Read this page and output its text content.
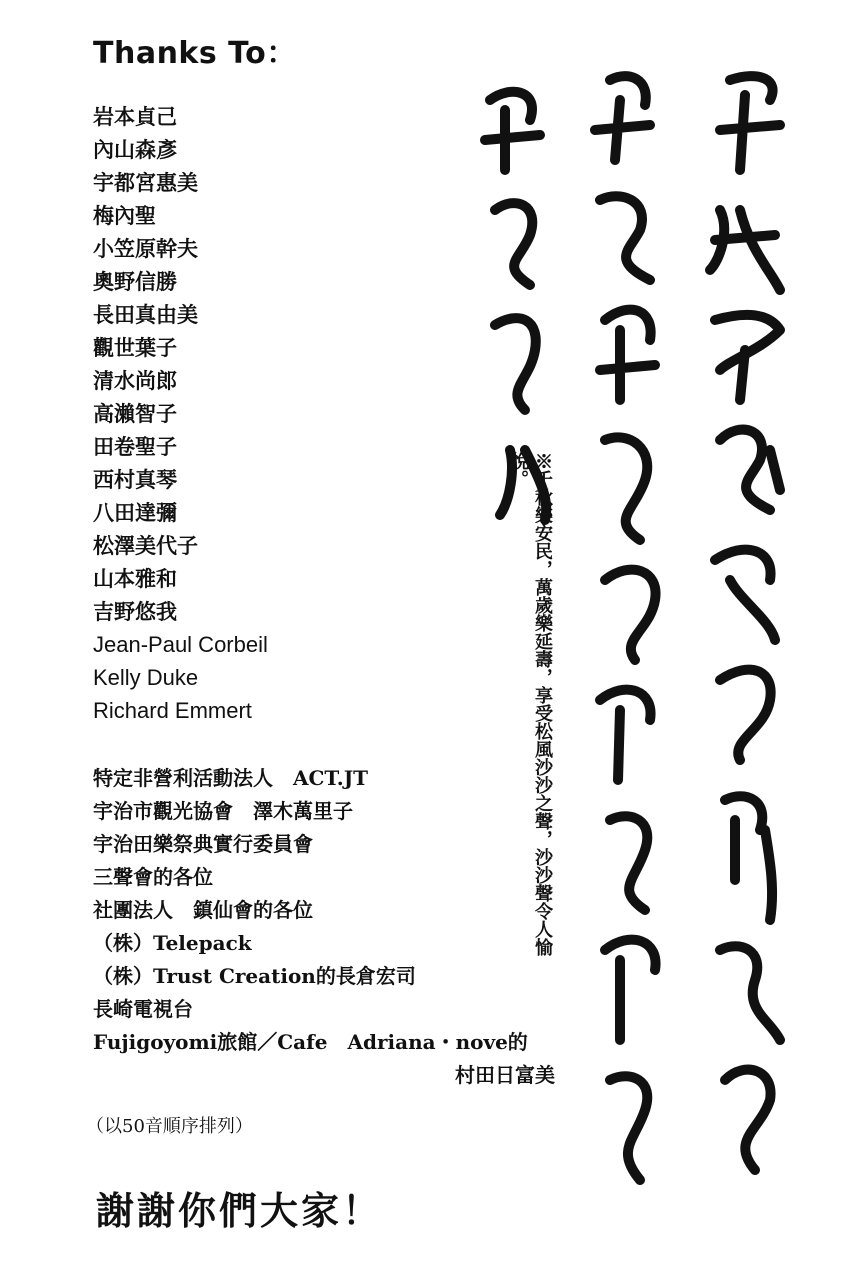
Thanks To：
岩本貞己
內山森彥
宇都宮惠美
梅內聖
小笠原幹夫
奧野信勝
長田真由美
觀世葉子
清水尚郎
高瀨智子
田卷聖子
西村真琴
八田達彌
松澤美代子
山本雅和
吉野悠我
Jean-Paul Corbeil
Kelly Duke
Richard Emmert
特定非營利活動法人　ACT.JT
宇治市觀光協會　澤木萬里子
宇治田樂祭典實行委員會
三聲會的各位
社團法人　鎮仙會的各位
（株）Telepack
（株）Trust Creation的長倉宏司
長崎電視台
Fujigoyomi旅館／Cafe　Adriana・nove的
村田日富美
（以50音順序排列）
謝謝你們大家！
※千秋樂安民，萬歲樂延壽，享受松風沙沙之聲，沙沙聲令人愉悅。
